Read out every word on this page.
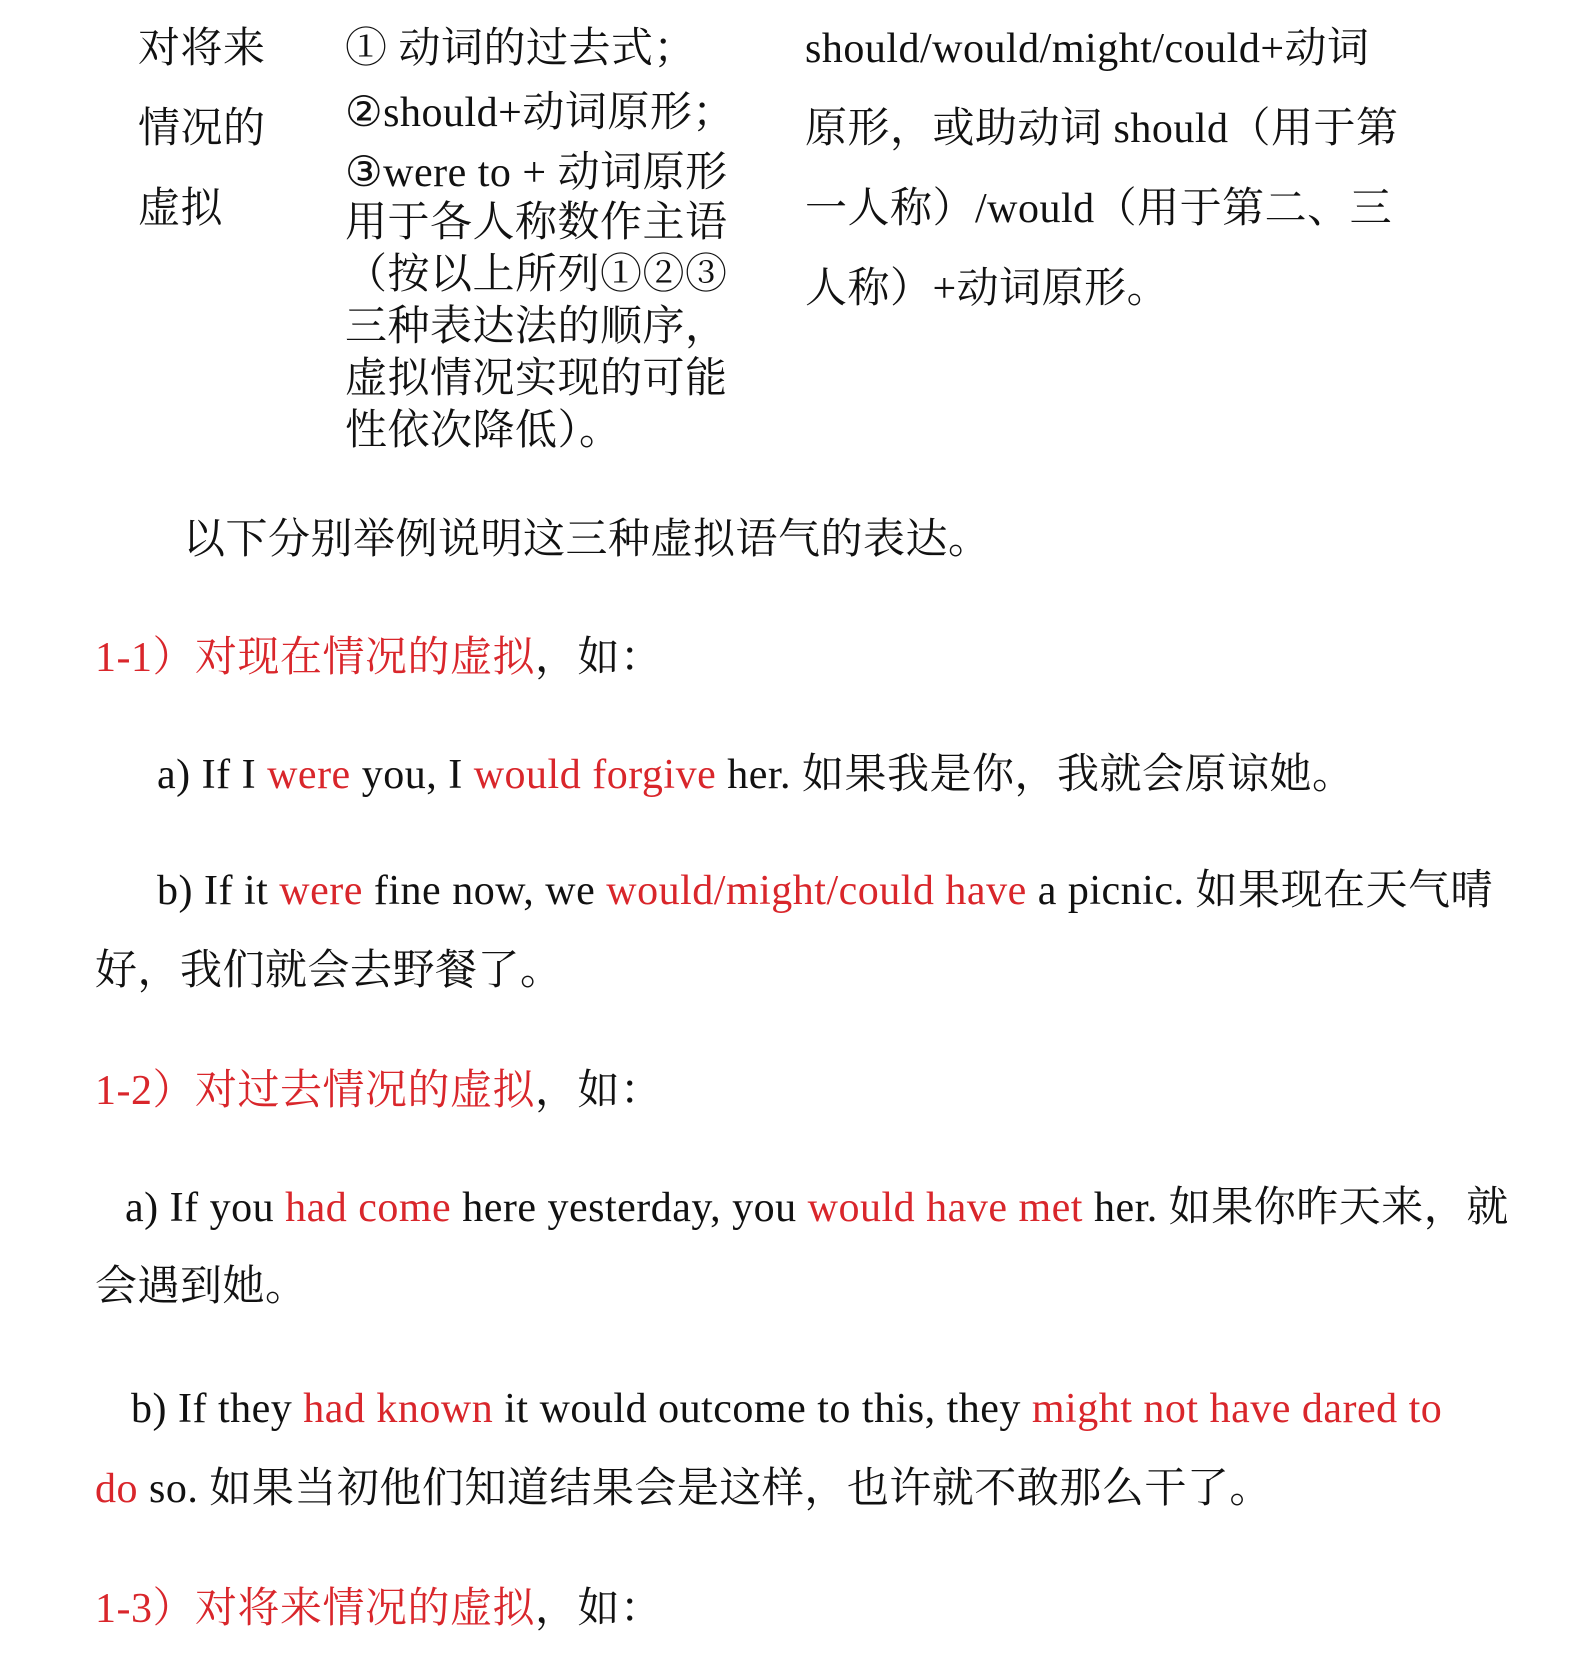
对将来
情况的
虚拟
① 动词的过去式；
②should+动词原形；
③were to + 动词原形
用于各人称数作主语
（按以上所列①②③
三种表达法的顺序，
虚拟情况实现的可能
性依次降低）。
should/would/might/could+动词
原形，或助动词 should（用于第
一人称）/would（用于第二、三
人称）+动词原形。
以下分别举例说明这三种虚拟语气的表达。
1-1）对现在情况的虚拟，如：
a) If I were you, I would forgive her. 如果我是你，我就会原谅她。
b) If it were fine now, we would/might/could have a picnic. 如果现在天气晴
好，我们就会去野餐了。
1-2）对过去情况的虚拟，如：
a) If you had come here yesterday, you would have met her. 如果你昨天来，就
会遇到她。
b) If they had known it would outcome to this, they might not have dared to
do so. 如果当初他们知道结果会是这样，也许就不敢那么干了。
1-3）对将来情况的虚拟，如：
